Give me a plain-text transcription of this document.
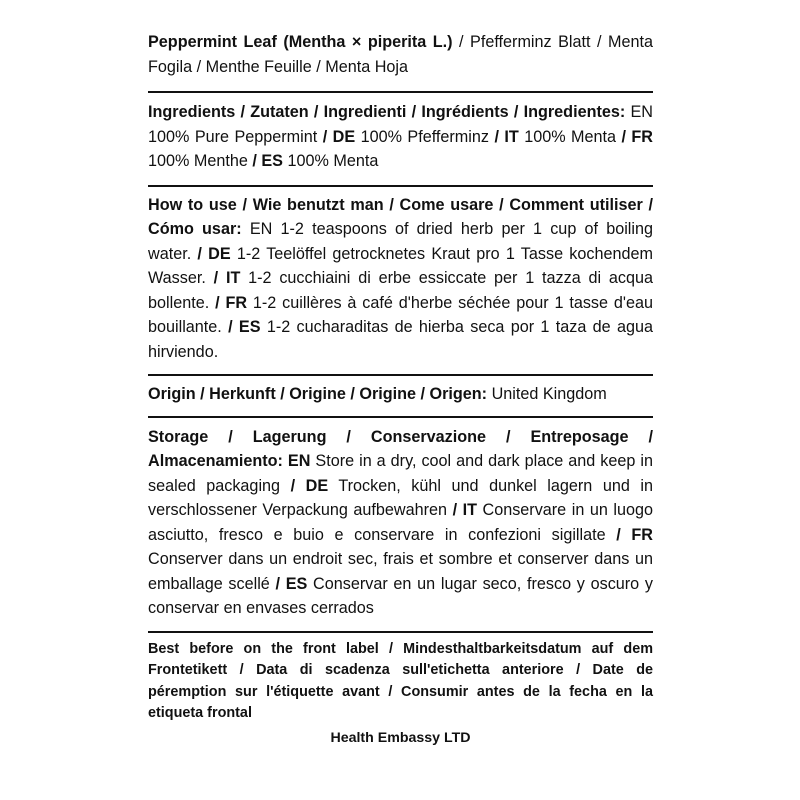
Peppermint Leaf (Mentha × piperita L.) / Pfefferminz Blatt / Menta Fogila / Menthe Feuille / Menta Hoja

Ingredients / Zutaten / Ingredienti / Ingrédients / Ingredientes: EN 100% Pure Peppermint / DE 100% Pfefferminz / IT 100% Menta / FR 100% Menthe / ES 100% Menta

How to use / Wie benutzt man / Come usare / Comment utiliser / Cómo usar: EN 1-2 teaspoons of dried herb per 1 cup of boiling water. / DE 1-2 Teelöffel getrocknetes Kraut pro 1 Tasse kochendem Wasser. / IT 1-2 cucchiaini di erbe essiccate per 1 tazza di acqua bollente. / FR 1-2 cuillères à café d'herbe séchée pour 1 tasse d'eau bouillante. / ES 1-2 cucharaditas de hierba seca por 1 taza de agua hirviendo.

Origin / Herkunft / Origine / Origine / Origen: United Kingdom

Storage / Lagerung / Conservazione / Entreposage / Almacenamiento: EN Store in a dry, cool and dark place and keep in sealed packaging / DE Trocken, kühl und dunkel lagern und in verschlossener Verpackung aufbewahren / IT Conservare in un luogo asciutto, fresco e buio e conservare in confezioni sigillate / FR Conserver dans un endroit sec, frais et sombre et conserver dans un emballage scellé / ES Conservar en un lugar seco, fresco y oscuro y conservar en envases cerrados

Best before on the front label / Mindesthaltbarkeitsdatum auf dem Frontetikett / Data di scadenza sull'etichetta anteriore / Date de péremption sur l'étiquette avant / Consumir antes de la fecha en la etiqueta frontal

Health Embassy LTD
